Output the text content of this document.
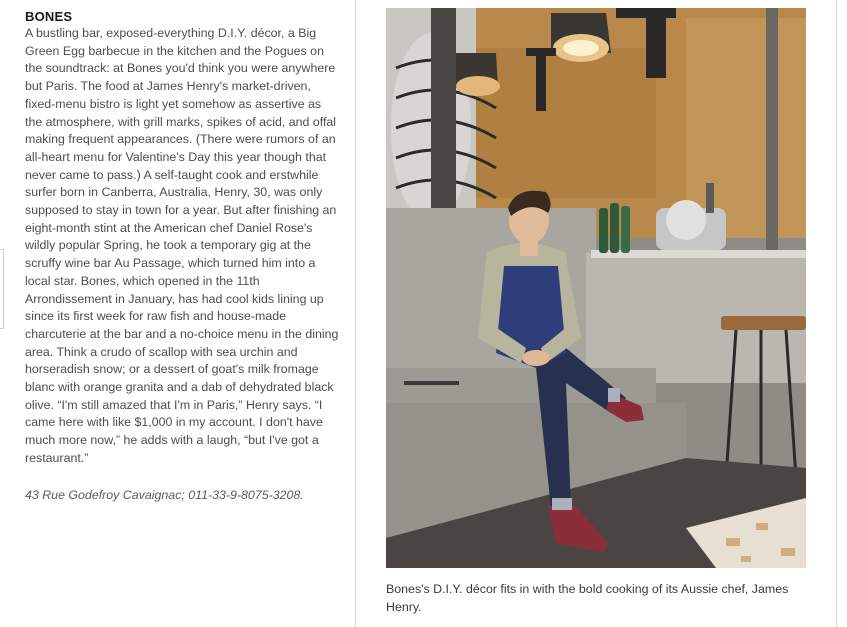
BONES

A bustling bar, exposed-everything D.I.Y. décor, a Big Green Egg barbecue in the kitchen and the Pogues on the soundtrack: at Bones you'd think you were anywhere but Paris. The food at James Henry's market-driven, fixed-menu bistro is light yet somehow as assertive as the atmosphere, with grill marks, spikes of acid, and offal making frequent appearances. (There were rumors of an all-heart menu for Valentine's Day this year though that never came to pass.) A self-taught cook and erstwhile surfer born in Canberra, Australia, Henry, 30, was only supposed to stay in town for a year. But after finishing an eight-month stint at the American chef Daniel Rose's wildly popular Spring, he took a temporary gig at the scruffy wine bar Au Passage, which turned him into a local star. Bones, which opened in the 11th Arrondissement in January, has had cool kids lining up since its first week for raw fish and house-made charcuterie at the bar and a no-choice menu in the dining area. Think a crudo of scallop with sea urchin and horseradish snow; or a dessert of goat's milk fromage blanc with orange granita and a dab of dehydrated black olive. “I'm still amazed that I'm in Paris,” Henry says. “I came here with like $1,000 in my account. I don't have much more now,” he adds with a laugh, “but I've got a restaurant.”

43 Rue Godefroy Cavaignac; 011-33-9-8075-3208.

Bones's D.I.Y. décor fits in with the bold cooking of its Aussie chef, James Henry.
